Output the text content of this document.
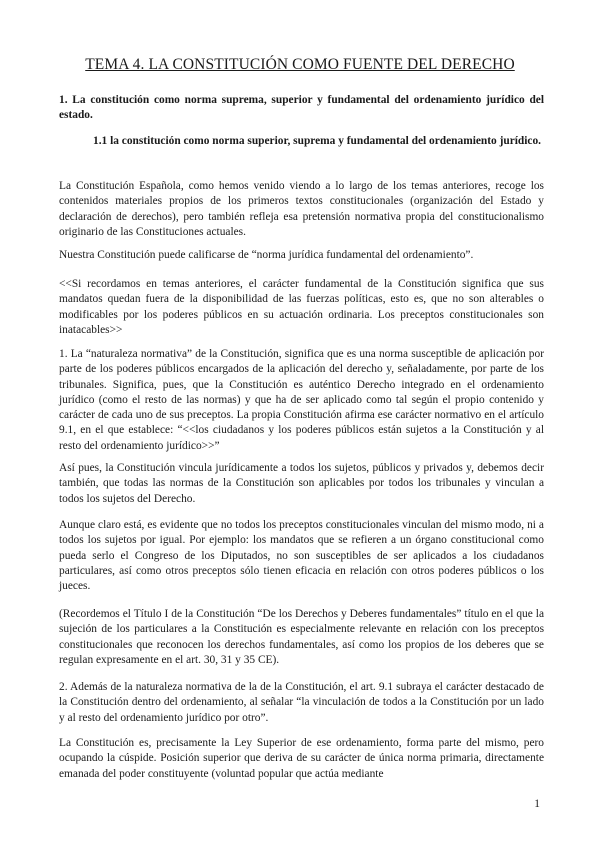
TEMA 4. LA CONSTITUCIÓN COMO FUENTE DEL DERECHO
1. La constitución como norma suprema, superior y fundamental del ordenamiento jurídico del estado.
1.1 la constitución como norma superior, suprema y fundamental del ordenamiento jurídico.
La Constitución Española, como hemos venido viendo a lo largo de los temas anteriores, recoge los contenidos materiales propios de los primeros textos constitucionales (organización del Estado y declaración de derechos), pero también refleja esa pretensión normativa propia del constitucionalismo originario de las Constituciones actuales.
Nuestra Constitución puede calificarse de “norma jurídica fundamental del ordenamiento”.
<<Si recordamos en temas anteriores, el carácter fundamental de la Constitución significa que sus mandatos quedan fuera de la disponibilidad de las fuerzas políticas, esto es, que no son alterables o modificables por los poderes públicos en su actuación ordinaria. Los preceptos constitucionales son inatacables>>
1. La “naturaleza normativa” de la Constitución, significa que es una norma susceptible de aplicación por parte de los poderes públicos encargados de la aplicación del derecho y, señaladamente, por parte de los tribunales. Significa, pues, que la Constitución es auténtico Derecho integrado en el ordenamiento jurídico (como el resto de las normas) y que ha de ser aplicado como tal según el propio contenido y carácter de cada uno de sus preceptos. La propia Constitución afirma ese carácter normativo en el artículo 9.1, en el que establece: “<<los ciudadanos y los poderes públicos están sujetos a la Constitución y al resto del ordenamiento jurídico>>”
Así pues, la Constitución vincula jurídicamente a todos los sujetos, públicos y privados y, debemos decir también, que todas las normas de la Constitución son aplicables por todos los tribunales y vinculan a todos los sujetos del Derecho.
Aunque claro está, es evidente que no todos los preceptos constitucionales vinculan del mismo modo, ni a todos los sujetos por igual. Por ejemplo: los mandatos que se refieren a un órgano constitucional como pueda serlo el Congreso de los Diputados, no son susceptibles de ser aplicados a los ciudadanos particulares, así como otros preceptos sólo tienen eficacia en relación con otros poderes públicos o los jueces.
(Recordemos el Título I de la Constitución “De los Derechos y Deberes fundamentales” título en el que la sujeción de los particulares a la Constitución es especialmente relevante en relación con los preceptos constitucionales que reconocen los derechos fundamentales, así como los propios de los deberes que se regulan expresamente en el art. 30, 31 y 35 CE).
2. Además de la naturaleza normativa de la de la Constitución, el art. 9.1 subraya el carácter destacado de la Constitución dentro del ordenamiento, al señalar “la vinculación de todos a la Constitución por un lado y al resto del ordenamiento jurídico por otro”.
La Constitución es, precisamente la Ley Superior de ese ordenamiento, forma parte del mismo, pero ocupando la cúspide. Posición superior que deriva de su carácter de única norma primaria, directamente emanada del poder constituyente (voluntad popular que actúa mediante
1
